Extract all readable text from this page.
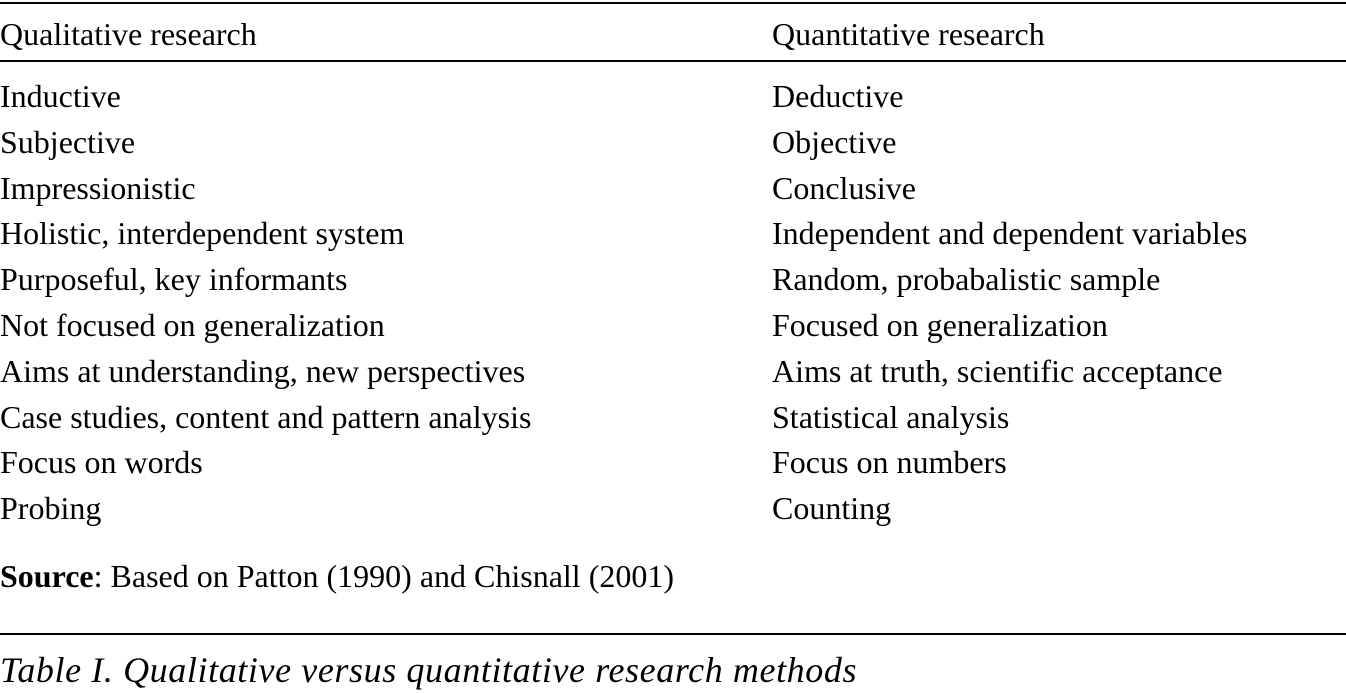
Qualitative research	Quantitative research
Inductive	Deductive
Subjective	Objective
Impressionistic	Conclusive
Holistic, interdependent system	Independent and dependent variables
Purposeful, key informants	Random, probabalistic sample
Not focused on generalization	Focused on generalization
Aims at understanding, new perspectives	Aims at truth, scientific acceptance
Case studies, content and pattern analysis	Statistical analysis
Focus on words	Focus on numbers
Probing	Counting
Source: Based on Patton (1990) and Chisnall (2001)
Table I. Qualitative versus quantitative research methods
